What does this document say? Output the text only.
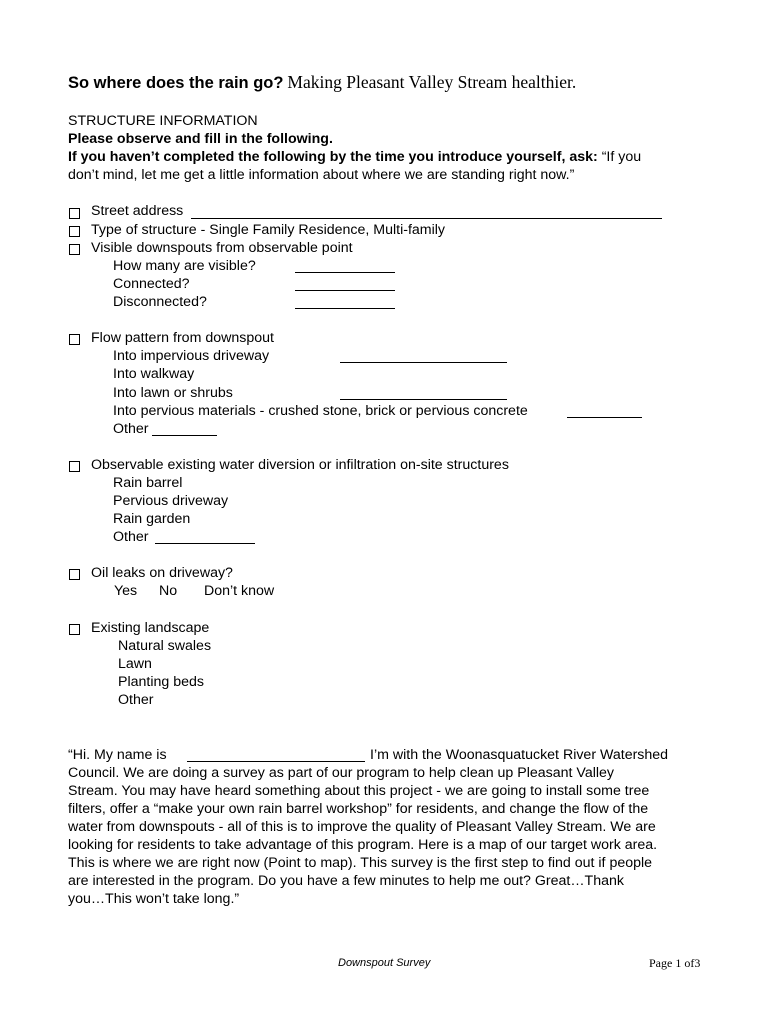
So where does the rain go? Making Pleasant Valley Stream healthier.
STRUCTURE INFORMATION
Please observe and fill in the following.
If you haven’t completed the following by the time you introduce yourself, ask: “If you
don’t mind, let me get a little information about where we are standing right now.”
Street address
Type of structure - Single Family Residence, Multi-family
Visible downspouts from observable point
How many are visible?
Connected?
Disconnected?
Flow pattern from downspout
Into impervious driveway
Into walkway
Into lawn or shrubs
Into pervious materials - crushed stone, brick or pervious concrete
Other
Observable existing water diversion or infiltration on-site structures
Rain barrel
Pervious driveway
Rain garden
Other
Oil leaks on driveway?
Yes No Don’t know
Existing landscape
Natural swales
Lawn
Planting beds
Other
“Hi. My name is	I’m with the Woonasquatucket River Watershed
Council. We are doing a survey as part of our program to help clean up Pleasant Valley
Stream. You may have heard something about this project - we are going to install some tree
filters, offer a “make your own rain barrel workshop” for residents, and change the flow of the
water from downspouts - all of this is to improve the quality of Pleasant Valley Stream. We are
looking for residents to take advantage of this program. Here is a map of our target work area.
This is where we are right now (Point to map). This survey is the first step to find out if people
are interested in the program. Do you have a few minutes to help me out? Great…Thank
you…This won’t take long.”
Downspout Survey	Page 1 of3
